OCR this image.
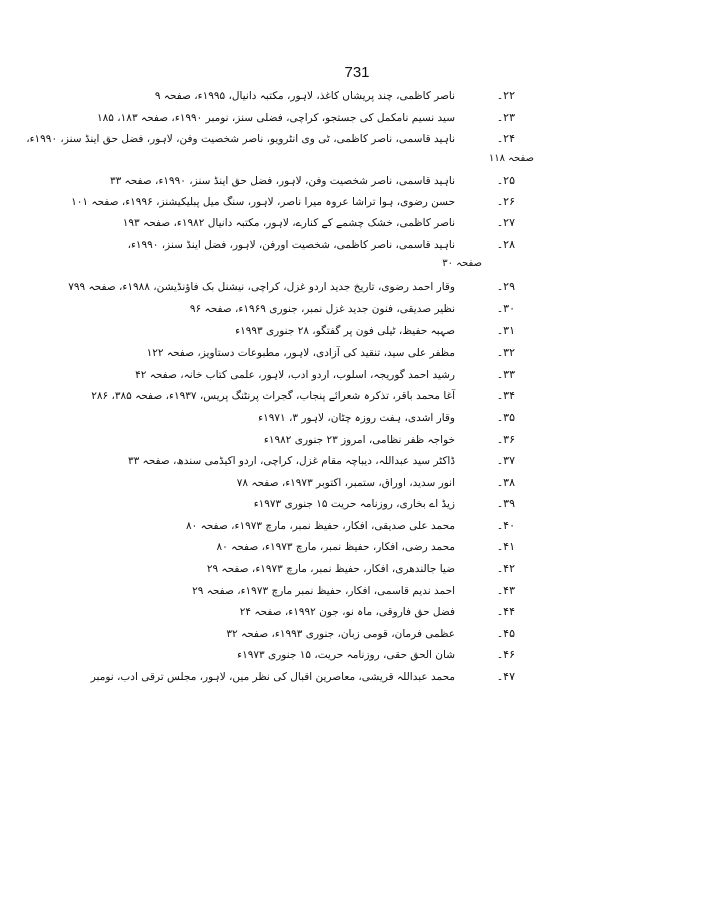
731
۲۲۔
ناصر کاظمی، چند پریشاں کاغذ، لاہور، مکتبہ دانیال، ۱۹۹۵ء، صفحہ ۹
۲۳۔
سید نسیم نامکمل کی جستجو، کراچی، فضلی سنز، نومبر ۱۹۹۰ء، صفحہ ۱۸۳، ۱۸۵
۲۴۔
ناہید قاسمی، ناصر کاظمی، ٹی وی انٹرویو، ناصر شخصیت وفن، لاہور، فضل حق اینڈ سنز، ۱۹۹۰ء،
صفحہ ۱۱۸
۲۵۔
ناہید قاسمی، ناصر شخصیت وفن، لاہور، فضل حق اینڈ سنز، ۱۹۹۰ء، صفحہ ۳۳
۲۶۔
حسن رضوی، ہوا تراشا عروہ میرا ناصر، لاہور، سنگ میل پبلیکیشنز، ۱۹۹۶ء، صفحہ ۱۰۱
۲۷۔
ناصر کاظمی، خشک چشمے کے کنارے، لاہور، مکتبہ دانیال ۱۹۸۲ء، صفحہ ۱۹۳
۲۸۔
ناہید قاسمی، ناصر کاظمی، شخصیت اورفن، لاہور، فضل اینڈ سنز، ۱۹۹۰ء،
صفحہ ۳۰
۲۹۔
وقار احمد رضوی، تاریخ جدید اردو غزل، کراچی، نیشنل بک فاؤنڈیشن، ۱۹۸۸ء، صفحہ ۷۹۹
۳۰۔
نظیر صدیقی، فنون جدید غزل نمبر، جنوری ۱۹۶۹ء، صفحہ ۹۶
۳۱۔
صہبہ حفیظ، ٹیلی فون پر گفتگو، ۲۸ جنوری ۱۹۹۳ء
۳۲۔
مظفر علی سید، تنقید کی آزادی، لاہور، مطبوعات دستاویز، صفحہ ۱۲۲
۳۳۔
رشید احمد گوریجہ، اسلوب، اردو ادب، لاہور، علمی کتاب خانہ، صفحہ ۴۲
۳۴۔
آغا محمد باقر، تذکرہ شعرائے پنجاب، گجرات پرنٹنگ پریس، ۱۹۳۷ء، صفحہ ۳۸۵، ۲۸۶
۳۵۔
وقار اشدی، ہفت روزہ چٹان، لاہور ۳، ۱۹۷۱ء
۳۶۔
خواجہ ظفر نظامی، امروز ۲۳ جنوری ۱۹۸۲ء
۳۷۔
ڈاکٹر سید عبداللہ، دیباچہ مقام غزل، کراچی، اردو اکیڈمی سندھ، صفحہ ۳۳
۳۸۔
انور سدید، اوراق، ستمبر، اکتوبر ۱۹۷۳ء، صفحہ ۷۸
۳۹۔
زیڈ اے بخاری، روزنامہ حریت ۱۵ جنوری ۱۹۷۳ء
۴۰۔
محمد علی صدیقی، افکار، حفیظ نمبر، مارچ ۱۹۷۳ء، صفحہ ۸۰
۴۱۔
محمد رضی، افکار، حفیظ نمبر، مارچ ۱۹۷۳ء، صفحہ ۸۰
۴۲۔
ضیا جالندھری، افکار، حفیظ نمبر، مارچ ۱۹۷۳ء، صفحہ ۲۹
۴۳۔
احمد ندیم قاسمی، افکار، حفیظ نمبر مارچ ۱۹۷۳ء، صفحہ ۲۹
۴۴۔
فضل حق فاروقی، ماہ نو، جون ۱۹۹۲ء، صفحہ ۲۴
۴۵۔
عظمی فرمان، قومی زبان، جنوری ۱۹۹۳ء، صفحہ ۳۲
۴۶۔
شان الحق حقی، روزنامہ حریت، ۱۵ جنوری ۱۹۷۳ء
۴۷۔
محمد عبداللہ قریشی، معاصرین اقبال کی نظر میں، لاہور، مجلس ترقی ادب، نومبر
